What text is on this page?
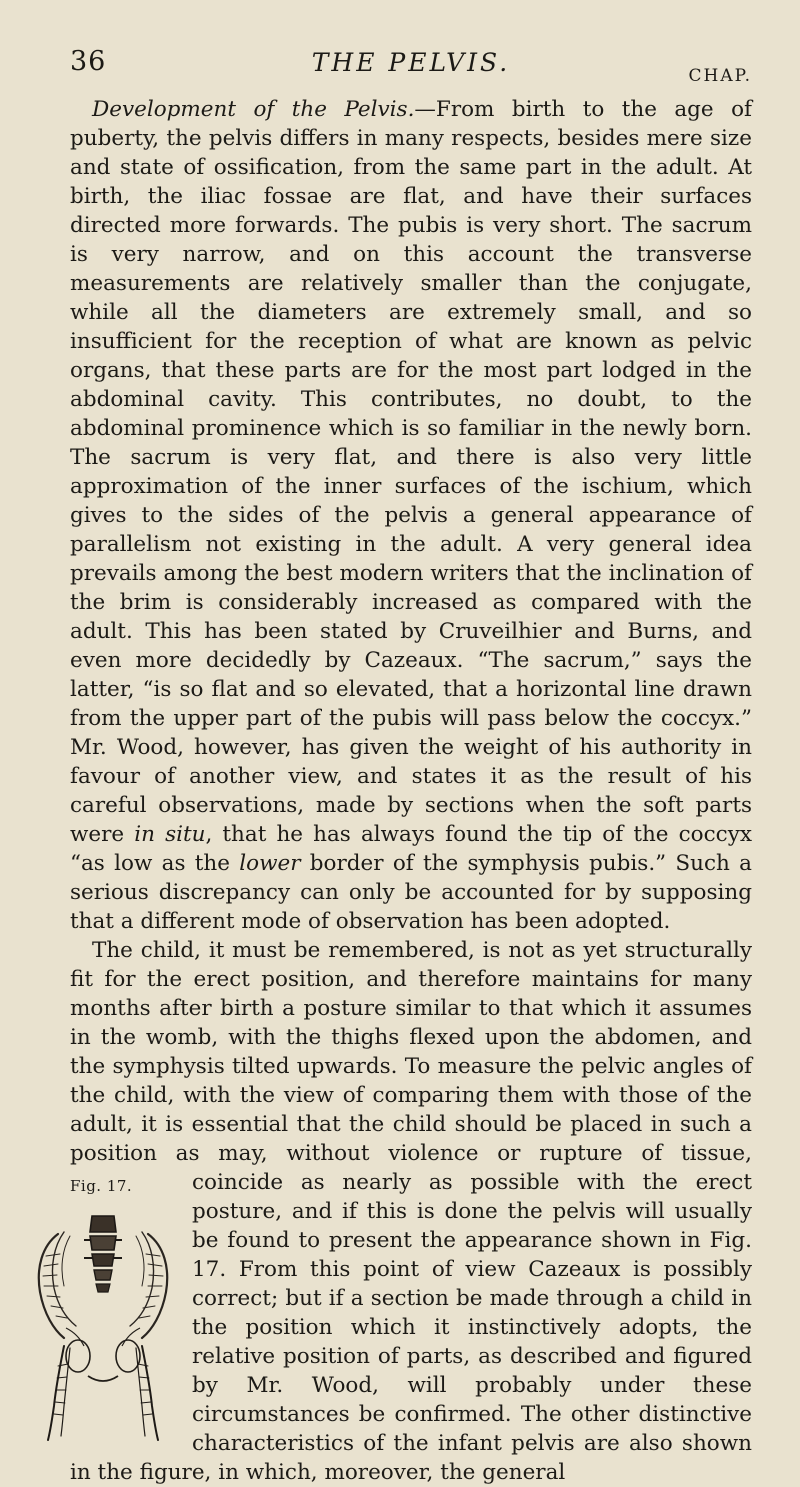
36	THE PELVIS.	CHAP.

Development of the Pelvis.—From birth to the age of puberty, the pelvis differs in many respects, besides mere size and state of ossification, from the same part in the adult. At birth, the iliac fossae are flat, and have their surfaces directed more forwards. The pubis is very short. The sacrum is very narrow, and on this account the transverse measurements are relatively smaller than the conjugate, while all the diameters are extremely small, and so insufficient for the reception of what are known as pelvic organs, that these parts are for the most part lodged in the abdominal cavity. This contributes, no doubt, to the abdominal prominence which is so familiar in the newly born. The sacrum is very flat, and there is also very little approximation of the inner surfaces of the ischium, which gives to the sides of the pelvis a general appearance of parallelism not existing in the adult. A very general idea prevails among the best modern writers that the inclination of the brim is considerably increased as compared with the adult. This has been stated by Cruveilhier and Burns, and even more decidedly by Cazeaux. “The sacrum,” says the latter, “is so flat and so elevated, that a horizontal line drawn from the upper part of the pubis will pass below the coccyx.” Mr. Wood, however, has given the weight of his authority in favour of another view, and states it as the result of his careful observations, made by sections when the soft parts were in situ, that he has always found the tip of the coccyx “as low as the lower border of the symphysis pubis.” Such a serious discrepancy can only be accounted for by supposing that a different mode of observation has been adopted.

The child, it must be remembered, is not as yet structurally fit for the erect position, and therefore maintains for many months after birth a posture similar to that which it assumes in the womb, with the thighs flexed upon the abdomen, and the symphysis tilted upwards. To measure the pelvic angles of the child, with the view of comparing them with those of the adult, it is essential that the child should be placed in such a position as may, without violence or rupture of tissue, coincide
Fig. 17.	as nearly as possible with the erect posture, and if this is done the pelvis will usually be found to present the appearance shown in Fig. 17. From this point of view Cazeaux is possibly correct; but if a section be made through a child in the position which it instinctively adopts, the relative position of parts, as described and figured by Mr. Wood, will probably under these circumstances be confirmed. The other distinctive characteristics of the infant pelvis are also shown in the figure, in which, moreover, the general
